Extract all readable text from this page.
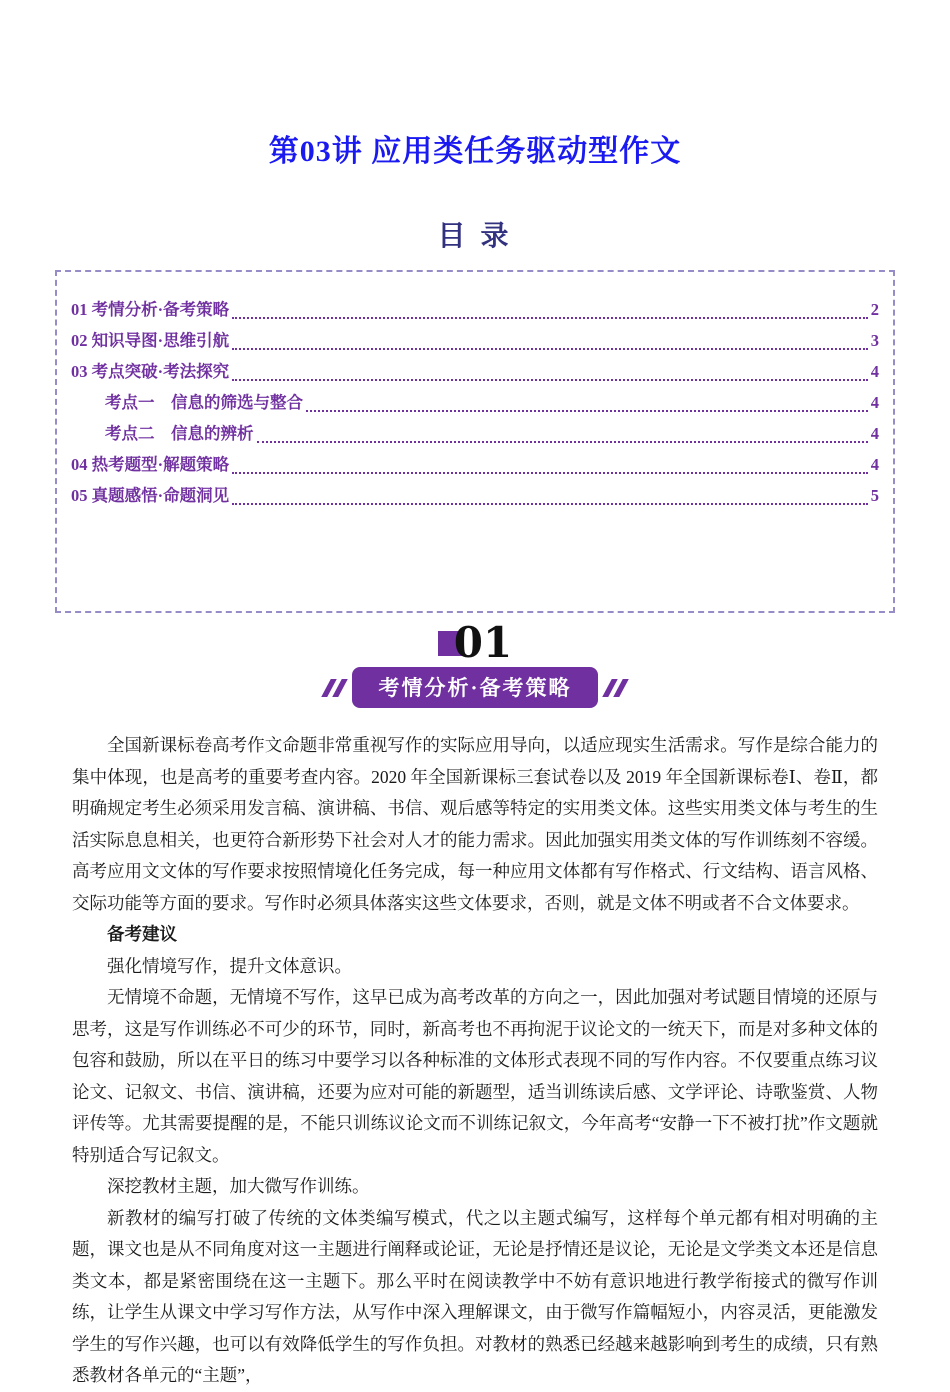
第03讲 应用类任务驱动型作文
目 录
01 考情分析·备考策略	2
02 知识导图·思维引航	3
03 考点突破·考法探究	4
考点一　信息的筛选与整合	4
考点二　信息的辨析	4
04 热考题型·解题策略	4
05 真题感悟·命题洞见	5
01
考情分析·备考策略

全国新课标卷高考作文命题非常重视写作的实际应用导向，以适应现实生活需求。写作是综合能力的集中体现，也是高考的重要考查内容。2020 年全国新课标三套试卷以及 2019 年全国新课标卷Ⅰ、卷Ⅱ，都明确规定考生必须采用发言稿、演讲稿、书信、观后感等特定的实用类文体。这些实用类文体与考生的生活实际息息相关，也更符合新形势下社会对人才的能力需求。因此加强实用类文体的写作训练刻不容缓。高考应用文文体的写作要求按照情境化任务完成，每一种应用文体都有写作格式、行文结构、语言风格、交际功能等方面的要求。写作时必须具体落实这些文体要求，否则，就是文体不明或者不合文体要求。

备考建议

强化情境写作，提升文体意识。

无情境不命题，无情境不写作，这早已成为高考改革的方向之一，因此加强对考试题目情境的还原与思考，这是写作训练必不可少的环节，同时，新高考也不再拘泥于议论文的一统天下，而是对多种文体的包容和鼓励，所以在平日的练习中要学习以各种标准的文体形式表现不同的写作内容。不仅要重点练习议论文、记叙文、书信、演讲稿，还要为应对可能的新题型，适当训练读后感、文学评论、诗歌鉴赏、人物评传等。尤其需要提醒的是，不能只训练议论文而不训练记叙文，今年高考“安静一下不被打扰”作文题就特别适合写记叙文。

深挖教材主题，加大微写作训练。

新教材的编写打破了传统的文体类编写模式，代之以主题式编写，这样每个单元都有相对明确的主题，课文也是从不同角度对这一主题进行阐释或论证，无论是抒情还是议论，无论是文学类文本还是信息类文本，都是紧密围绕在这一主题下。那么平时在阅读教学中不妨有意识地进行教学衔接式的微写作训练，让学生从课文中学习写作方法，从写作中深入理解课文，由于微写作篇幅短小，内容灵活，更能激发学生的写作兴趣，也可以有效降低学生的写作负担。对教材的熟悉已经越来越影响到考生的成绩，只有熟悉教材各单元的“主题”，
